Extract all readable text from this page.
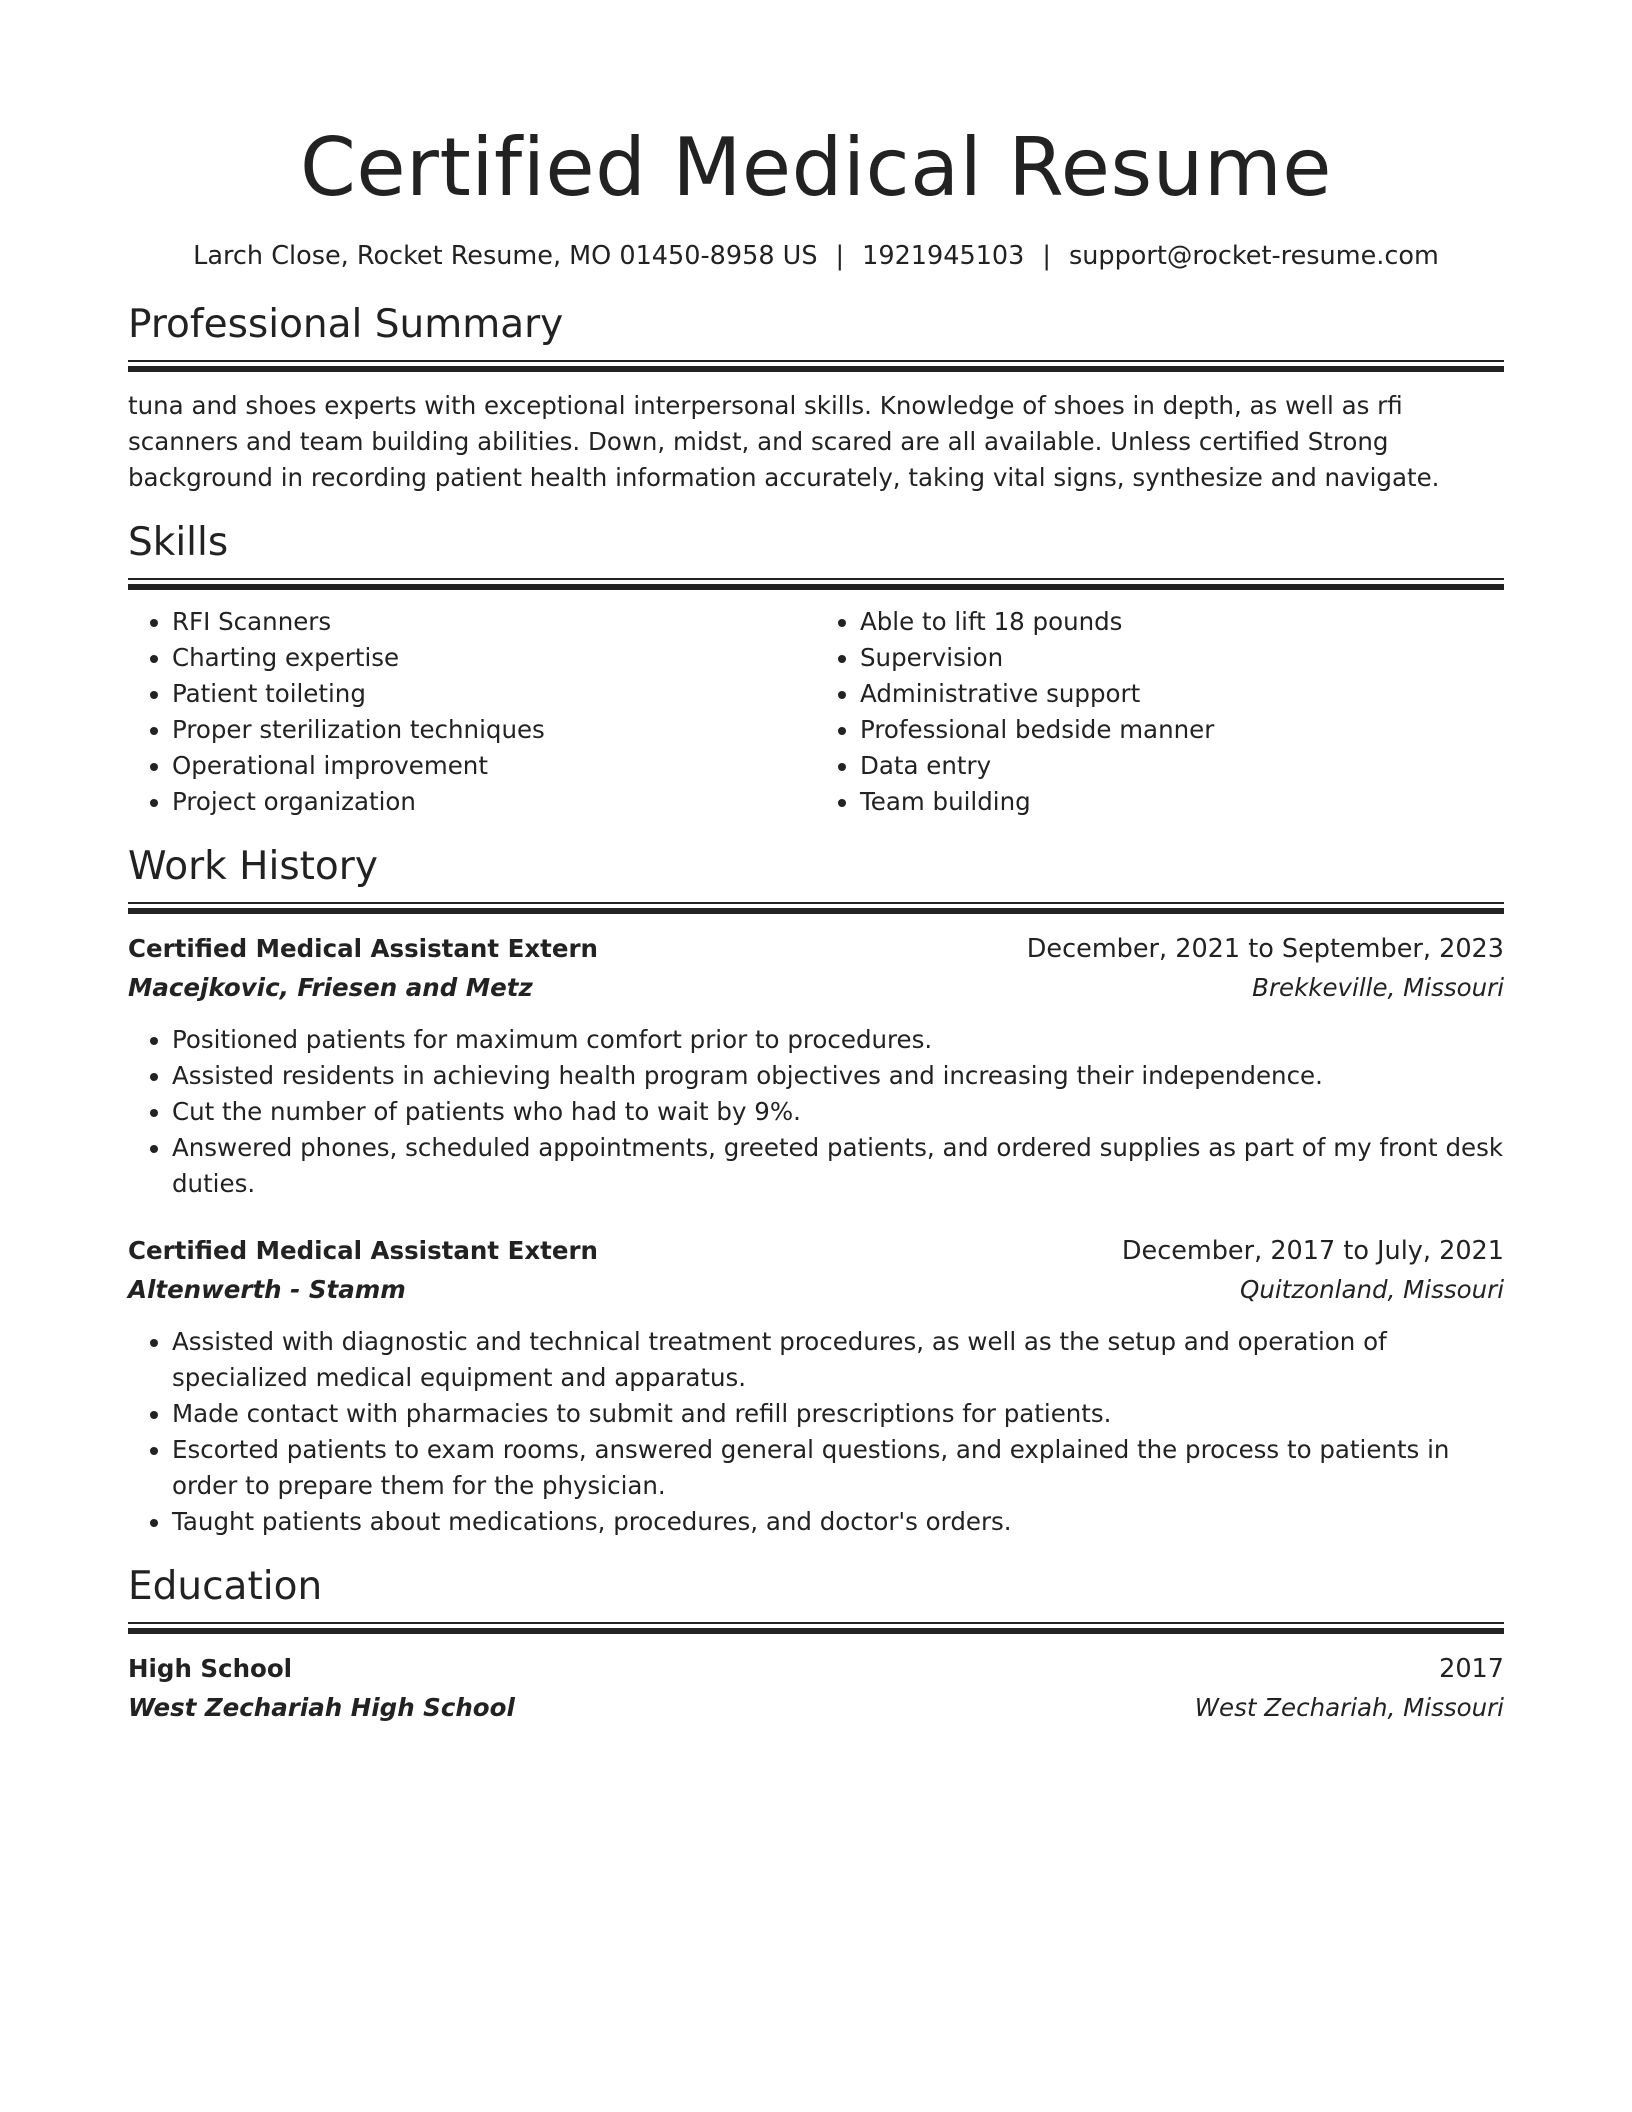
Certified Medical Resume
Larch Close, Rocket Resume, MO 01450-8958 US | 1921945103 | support@rocket-resume.com
Professional Summary

tuna and shoes experts with exceptional interpersonal skills. Knowledge of shoes in depth, as well as rfi scanners and team building abilities. Down, midst, and scared are all available. Unless certified Strong background in recording patient health information accurately, taking vital signs, synthesize and navigate.

Skills
• RFI Scanners
• Charting expertise
• Patient toileting
• Proper sterilization techniques
• Operational improvement
• Project organization
• Able to lift 18 pounds
• Supervision
• Administrative support
• Professional bedside manner
• Data entry
• Team building
Work History
Certified Medical Assistant Extern	December, 2021 to September, 2023
Macejkovic, Friesen and Metz	Brekkeville, Missouri
• Positioned patients for maximum comfort prior to procedures.
• Assisted residents in achieving health program objectives and increasing their independence.
• Cut the number of patients who had to wait by 9%.
• Answered phones, scheduled appointments, greeted patients, and ordered supplies as part of my front desk duties.
Certified Medical Assistant Extern	December, 2017 to July, 2021
Altenwerth - Stamm	Quitzonland, Missouri
• Assisted with diagnostic and technical treatment procedures, as well as the setup and operation of specialized medical equipment and apparatus.
• Made contact with pharmacies to submit and refill prescriptions for patients.
• Escorted patients to exam rooms, answered general questions, and explained the process to patients in order to prepare them for the physician.
• Taught patients about medications, procedures, and doctor's orders.
Education
High School	2017
West Zechariah High School	West Zechariah, Missouri
